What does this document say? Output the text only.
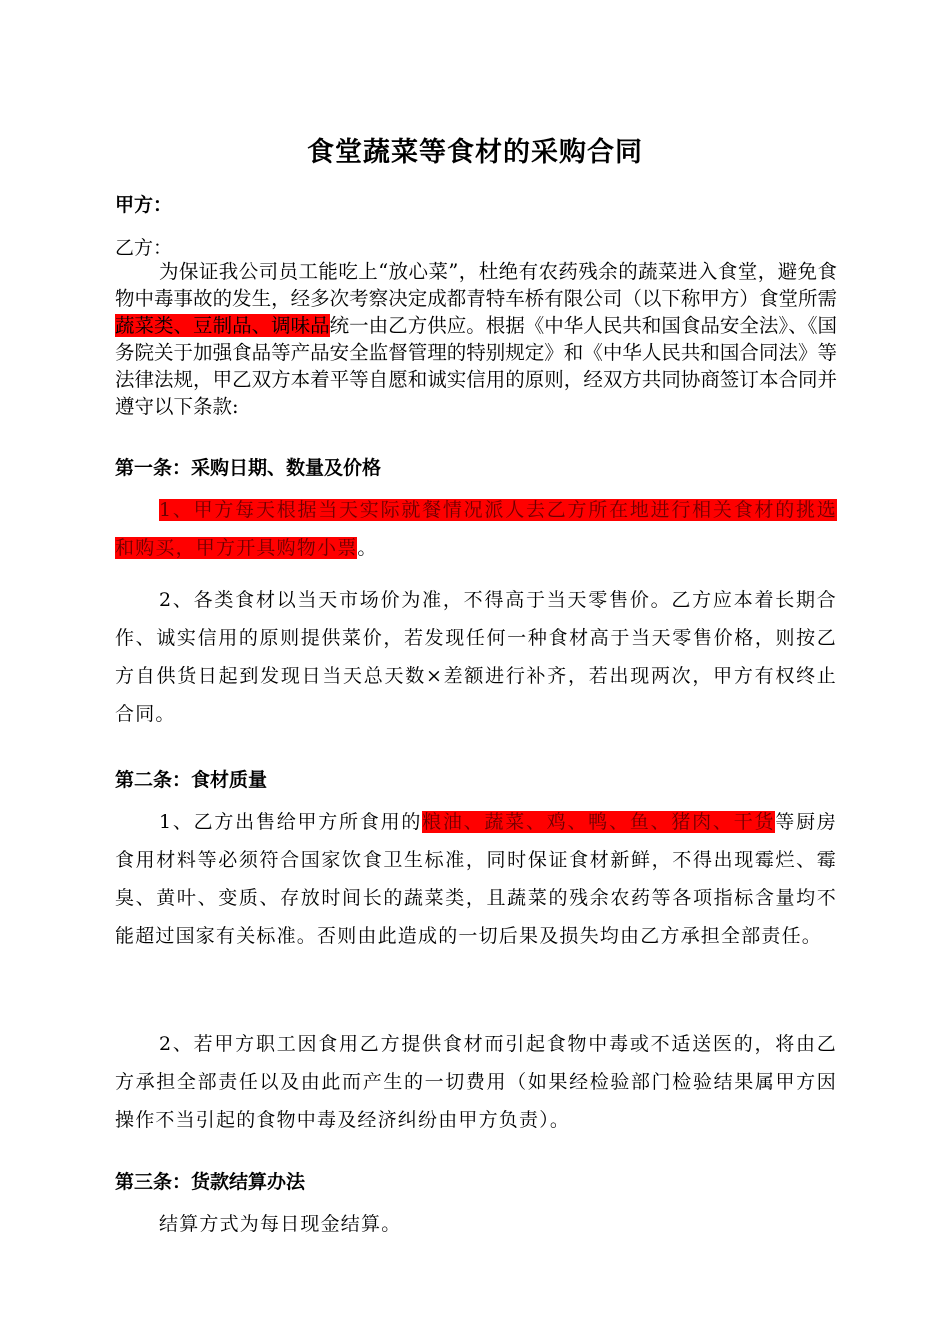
食堂蔬菜等食材的采购合同
甲方：
乙方：
为保证我公司员工能吃上“放心菜”，杜绝有农药残余的蔬菜进入食堂，避免食物中毒事故的发生，经多次考察决定成都青特车桥有限公司（以下称甲方）食堂所需蔬菜类、豆制品、调味品统一由乙方供应。根据《中华人民共和国食品安全法》、《国务院关于加强食品等产品安全监督管理的特别规定》和《中华人民共和国合同法》等法律法规，甲乙双方本着平等自愿和诚实信用的原则，经双方共同协商签订本合同并遵守以下条款:
第一条：采购日期、数量及价格
1、甲方每天根据当天实际就餐情况派人去乙方所在地进行相关食材的挑选和购买，甲方开具购物小票。
2、各类食材以当天市场价为准，不得高于当天零售价。乙方应本着长期合作、诚实信用的原则提供菜价，若发现任何一种食材高于当天零售价格，则按乙方自供货日起到发现日当天总天数×差额进行补齐，若出现两次，甲方有权终止合同。
第二条：食材质量
1、乙方出售给甲方所食用的粮油、蔬菜、鸡、鸭、鱼、猪肉、干货等厨房食用材料等必须符合国家饮食卫生标准，同时保证食材新鲜，不得出现霉烂、霉臭、黄叶、变质、存放时间长的蔬菜类，且蔬菜的残余农药等各项指标含量均不能超过国家有关标准。否则由此造成的一切后果及损失均由乙方承担全部责任。
2、若甲方职工因食用乙方提供食材而引起食物中毒或不适送医的，将由乙方承担全部责任以及由此而产生的一切费用（如果经检验部门检验结果属甲方因操作不当引起的食物中毒及经济纠纷由甲方负责）。
第三条：货款结算办法
结算方式为每日现金结算。
